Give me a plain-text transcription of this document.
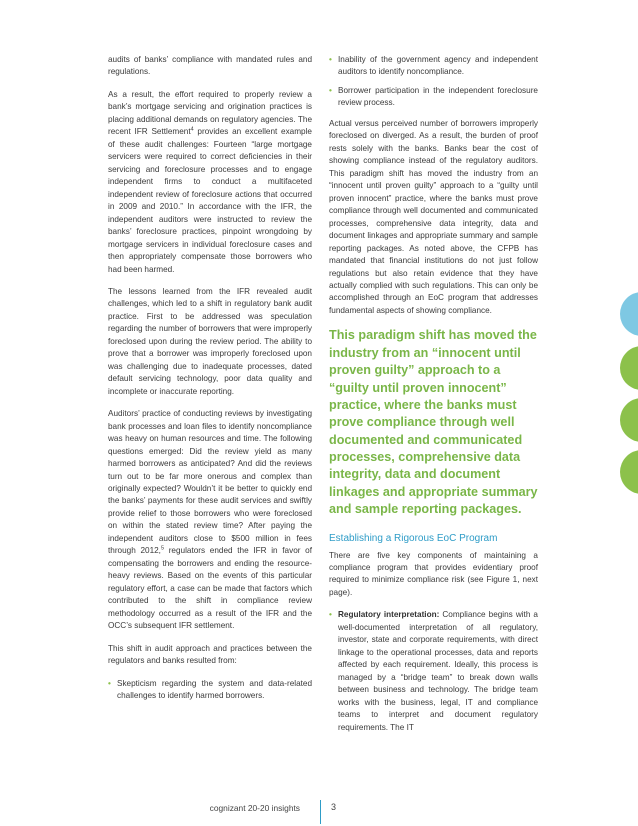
audits of banks’ compliance with mandated rules and regulations.

As a result, the effort required to properly review a bank’s mortgage servicing and origination practices is placing additional demands on regulatory agencies. The recent IFR Settlement$^4$ provides an excellent example of these audit challenges: Fourteen “large mortgage servicers were required to correct deficiencies in their servicing and foreclosure processes and to engage independent firms to conduct a multifaceted independent review of foreclosure actions that occurred in 2009 and 2010.” In accordance with the IFR, the independent auditors were instructed to review the banks’ foreclosure practices, pinpoint wrongdoing by mortgage servicers in individual foreclosure cases and then appropriately compensate those borrowers who had been harmed.

The lessons learned from the IFR revealed audit challenges, which led to a shift in regulatory bank audit practice. First to be addressed was speculation regarding the number of borrowers that were improperly foreclosed upon during the review period. The ability to prove that a borrower was improperly foreclosed upon was challenging due to inadequate processes, dated default servicing technology, poor data quality and incomplete or inaccurate reporting.

Auditors’ practice of conducting reviews by investigating bank processes and loan files to identify noncompliance was heavy on human resources and time. The following questions emerged: Did the review yield as many harmed borrowers as anticipated? And did the reviews turn out to be far more onerous and complex than originally expected? Wouldn’t it be better to quickly end the banks’ payments for these audit services and swiftly provide relief to those borrowers who were foreclosed on within the stated review time? After paying the independent auditors close to $500 million in fees through 2012,$^5$ regulators ended the IFR in favor of compensating the borrowers and ending the resource-heavy reviews. Based on the events of this particular regulatory effort, a case can be made that factors which contributed to the shift in compliance review methodology occurred as a result of the IFR and the OCC’s subsequent IFR settlement.

This shift in audit approach and practices between the regulators and banks resulted from:

• Skepticism regarding the system and data-related challenges to identify harmed borrowers.
• Inability of the government agency and independent auditors to identify noncompliance.
• Borrower participation in the independent foreclosure review process.

Actual versus perceived number of borrowers improperly foreclosed on diverged. As a result, the burden of proof rests solely with the banks. Banks bear the cost of showing compliance instead of the regulatory auditors. This paradigm shift has moved the industry from an “innocent until proven guilty” approach to a “guilty until proven innocent” practice, where the banks must prove compliance through well documented and communicated processes, comprehensive data integrity, data and document linkages and appropriate summary and sample reporting packages. As noted above, the CFPB has mandated that financial institutions do not just follow regulations but also retain evidence that they have actually complied with such regulations. This can only be accomplished through an EoC program that addresses fundamental aspects of showing compliance.

This paradigm shift has moved the industry from an “innocent until proven guilty” approach to a “guilty until proven innocent” practice, where the banks must prove compliance through well documented and communicated processes, comprehensive data integrity, data and document linkages and appropriate summary and sample reporting packages.
Establishing a Rigorous EoC Program

There are five key components of maintaining a compliance program that provides evidentiary proof required to minimize compliance risk (see Figure 1, next page).

• Regulatory interpretation: Compliance begins with a well-documented interpretation of all regulatory, investor, state and corporate requirements, with direct linkage to the operational processes, data and reports affected by each requirement. Ideally, this process is managed by a “bridge team” to break down walls between business and technology. The bridge team works with the business, legal, IT and compliance teams to interpret and document regulatory requirements. The IT
cognizant 20-20 insights	3
